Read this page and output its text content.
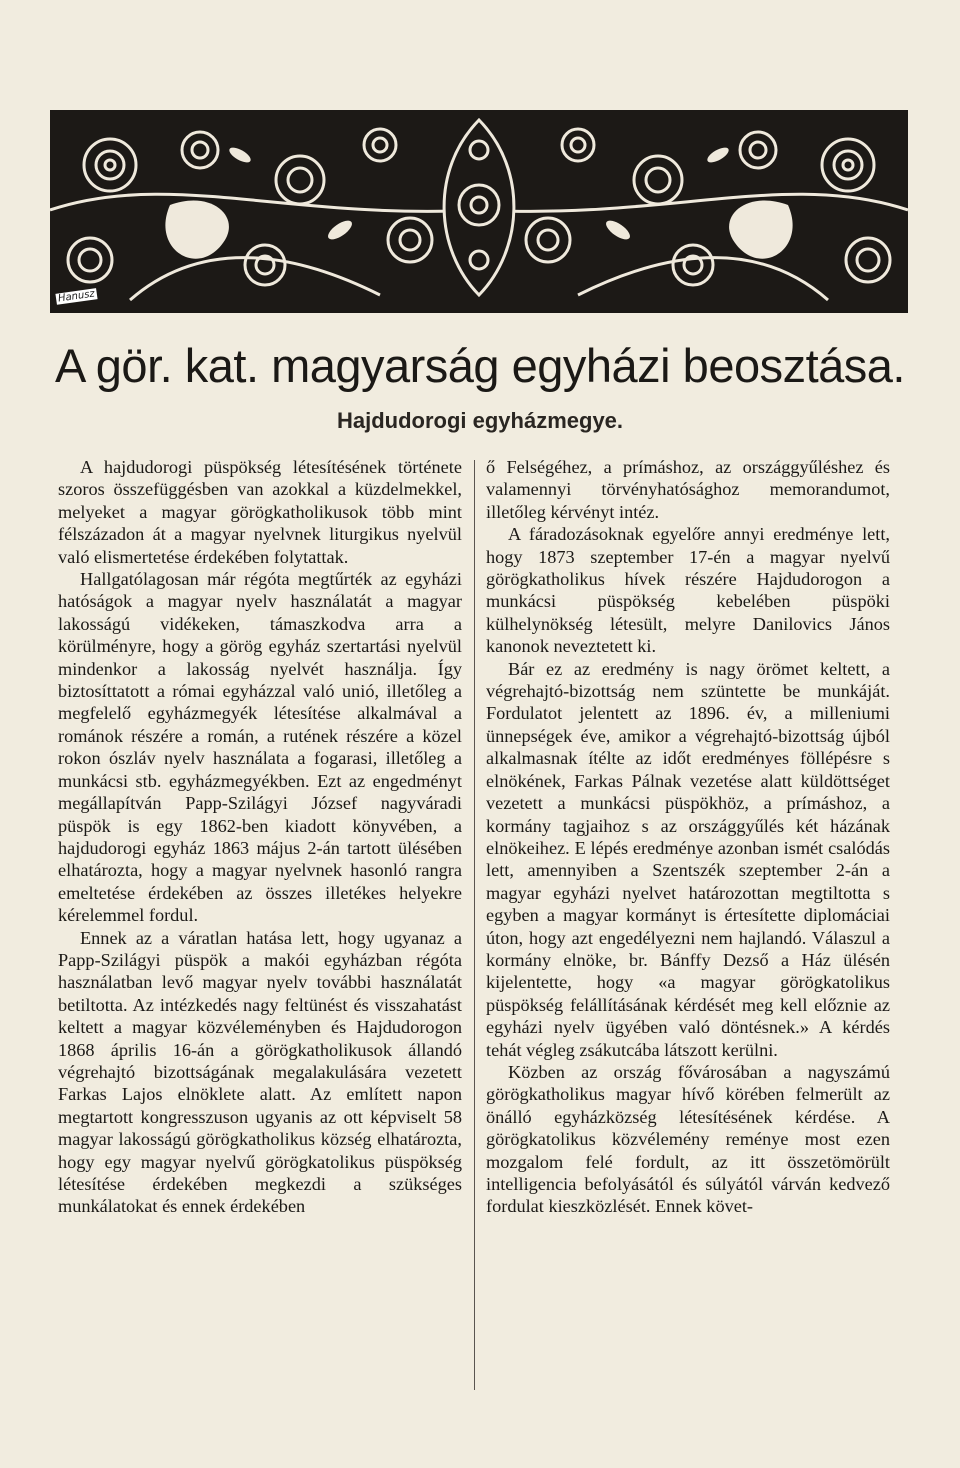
Hanusz
A gör. kat. magyarság egyházi beosztása.
Hajdudorogi egyházmegye.

A hajdudorogi püspökség létesítésének története szoros összefüggésben van azokkal a küzdelmekkel, melyeket a magyar görögkatholikusok több mint félszázadon át a magyar nyelvnek liturgikus nyelvül való elismertetése érdekében folytattak.

Hallgatólagosan már régóta megtűrték az egyházi hatóságok a magyar nyelv használatát a magyar lakosságú vidékeken, támaszkodva arra a körülményre, hogy a görög egyház szertartási nyelvül mindenkor a lakosság nyelvét használja. Így biztosíttatott a római egyházzal való unió, illetőleg a megfelelő egyházmegyék létesítése alkalmával a románok részére a román, a rutének részére a közel rokon ószláv nyelv használata a fogarasi, illetőleg a munkácsi stb. egyházmegyékben. Ezt az engedményt megállapítván Papp-Szilágyi József nagyváradi püspök is egy 1862-ben kiadott könyvében, a hajdudorogi egyház 1863 május 2-án tartott ülésében elhatározta, hogy a magyar nyelvnek hasonló rangra emeltetése érdekében az összes illetékes helyekre kérelemmel fordul.

Ennek az a váratlan hatása lett, hogy ugyanaz a Papp-Szilágyi püspök a makói egyházban régóta használatban levő magyar nyelv további használatát betiltotta. Az intézkedés nagy feltünést és visszahatást keltett a magyar közvéleményben és Hajdudorogon 1868 április 16-án a görögkatholikusok állandó végrehajtó bizottságának megalakulására vezetett Farkas Lajos elnöklete alatt. Az említett napon megtartott kongresszuson ugyanis az ott képviselt 58 magyar lakosságú görögkatholikus község elhatározta, hogy egy magyar nyelvű görögkatolikus püspökség létesítése érdekében megkezdi a szükséges munkálatokat és ennek érdekében

ő Felségéhez, a prímáshoz, az országgyűléshez és valamennyi törvényhatósághoz memorandumot, illetőleg kérvényt intéz.

A fáradozásoknak egyelőre annyi eredménye lett, hogy 1873 szeptember 17-én a magyar nyelvű görögkatholikus hívek részére Hajdudorogon a munkácsi püspökség kebelében püspöki külhelynökség létesült, melyre Danilovics János kanonok neveztetett ki.

Bár ez az eredmény is nagy örömet keltett, a végrehajtó-bizottság nem szüntette be munkáját. Fordulatot jelentett az 1896. év, a milleniumi ünnepségek éve, amikor a végrehajtó-bizottság újból alkalmasnak ítélte az időt eredményes föllépésre s elnökének, Farkas Pálnak vezetése alatt küldöttséget vezetett a munkácsi püspökhöz, a prímáshoz, a kormány tagjaihoz s az országgyűlés két házának elnökeihez. E lépés eredménye azonban ismét csalódás lett, amennyiben a Szentszék szeptember 2-án a magyar egyházi nyelvet határozottan megtiltotta s egyben a magyar kormányt is értesítette diplomáciai úton, hogy azt engedélyezni nem hajlandó. Válaszul a kormány elnöke, br. Bánffy Dezső a Ház ülésén kijelentette, hogy «a magyar görögkatolikus püspökség felállításának kérdését meg kell előznie az egyházi nyelv ügyében való döntésnek.» A kérdés tehát végleg zsákutcába látszott kerülni.

Közben az ország fővárosában a nagyszámú görögkatholikus magyar hívő körében felmerült az önálló egyházközség létesítésének kérdése. A görögkatolikus közvélemény reménye most ezen mozgalom felé fordult, az itt összetömörült intelligencia befolyásától és súlyától várván kedvező fordulat kieszközlését. Ennek követ-
